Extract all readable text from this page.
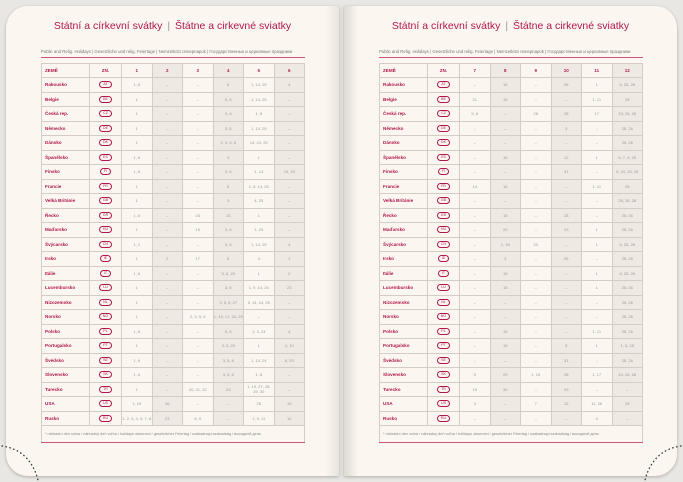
Státní a církevní svátky | Štátne a cirkevné sviatky
Public and Relig. Holidays | Gesetzliche und relig. Feiertage | Nemzetközi ünnepnapok | Государственные и церковные праздники
ZEMĚ	ZN.	1	2	3	4	5	6
Rakousko	AT	1, 6	–	–	6	1, 14, 25	4
Belgie	BE	1	–	–	5, 6	1, 14, 25	–
Česká rep.	CZ	1	–	–	3, 6	1, 8	–
Německo	DE	1	–	–	3, 6	1, 14, 25	–
Dánsko	DK	1	–	–	2, 3, 5, 6	14, 24, 25	–
Španělsko	ES	1, 6	–	–	3	1	–
Finsko	FI	1, 6	–	–	3, 6	1, 14	19, 20
Francie	FR	1	–	–	6	1, 8, 14, 25	–
Velká Británie	GB	1	–	–	3	4, 25	–
Řecko	GR	1, 6	–	23	13	1	–
Maďarsko	HU	1	–	15	3, 6	1, 25	–
Švýcarsko	CH	1, 2	–	–	3, 6	1, 14, 25	4
Irsko	IE	1	2	17	6	4	1
Itálie	IT	1, 6	–	–	5, 6, 25	1	2
Lucembursko	LU	1	–	–	3, 6	1, 9, 14, 25	23
Nizozemsko	NL	1	–	–	3, 5, 6, 27	5, 14, 24, 25	–
Norsko	NO	1	–	2, 3, 5, 6	1, 14, 17, 24, 25	–	–
Polsko	PL	1, 6	–	–	5, 6	1, 3, 24	4
Portugalsko	PT	1	–	–	3, 5, 25	1	4, 10
Švédsko	SE	1, 6	–	–	3, 5, 6	1, 14, 24	6, 20
Slovensko	SK	1, 6	–	–	3, 5, 6	1, 8	–
Turecko	TR	1	–	20, 21, 22	23	1, 19, 27, 28, 29, 30	–
USA	US	1, 19	16	–	–	25	19
Rusko	RU	1, 2, 3, 4, 5, 7, 8	23	8, 9	–	1, 9, 11	12
* náhradní den volna / náhradný deň voľna / holidays observed / gesetzlicher Feiertag / szabadnapi szabadság / выходной день							
Státní a církevní svátky | Štátne a cirkevné sviatky
Public and Relig. Holidays | Gesetzliche und relig. Feiertage | Nemzetközi ünnepnapok | Государственные и церковные праздники
ZEMĚ	ZN.	7	8	9	10	11	12
Rakousko	AT	–	15	–	26	1	8, 25, 26
Belgie	BE	21	15	–	–	1, 11	25
Česká rep.	CZ	5, 6	–	28	28	17	24, 25, 26
Německo	DE	–	–	–	3	–	25, 26
Dánsko	DK	–	–	–	–	–	25, 26
Španělsko	ES	–	15	–	12	1	6, 7, 8, 25
Finsko	FI	–	–	–	31	–	6, 24, 25, 26
Francie	FR	14	15	–	–	1, 11	25
Velká Británie	GB	–	–	–	–	–	25, 26, 28
Řecko	GR	–	15	–	28	–	25, 26
Maďarsko	HU	–	20	–	23	1	25, 26
Švýcarsko	CH	–	1, 15	20	–	1	8, 25, 26
Irsko	IE	–	3	–	26	–	25, 26
Itálie	IT	–	15	–	–	1	8, 25, 26
Lucembursko	LU	–	15	–	–	1	25, 26
Nizozemsko	NL	–	–	–	–	–	25, 26
Norsko	NO	–	–	–	–	–	25, 26
Polsko	PL	–	15	–	–	1, 11	25, 26
Portugalsko	PT	–	15	–	5	1	1, 8, 25
Švédsko	SE	–	–	–	31	–	25, 26
Slovensko	SK	5	29	1, 15	28	1, 17	24, 25, 26
Turecko	TR	15	30	–	29	–	–
USA	US	3	–	7	12	11, 26	25
Rusko	RU	–	–	–	–	4	–
* náhradní den volna / náhradný deň voľna / holidays observed / gesetzlicher Feiertag / szabadnapi szabadság / выходной день							
